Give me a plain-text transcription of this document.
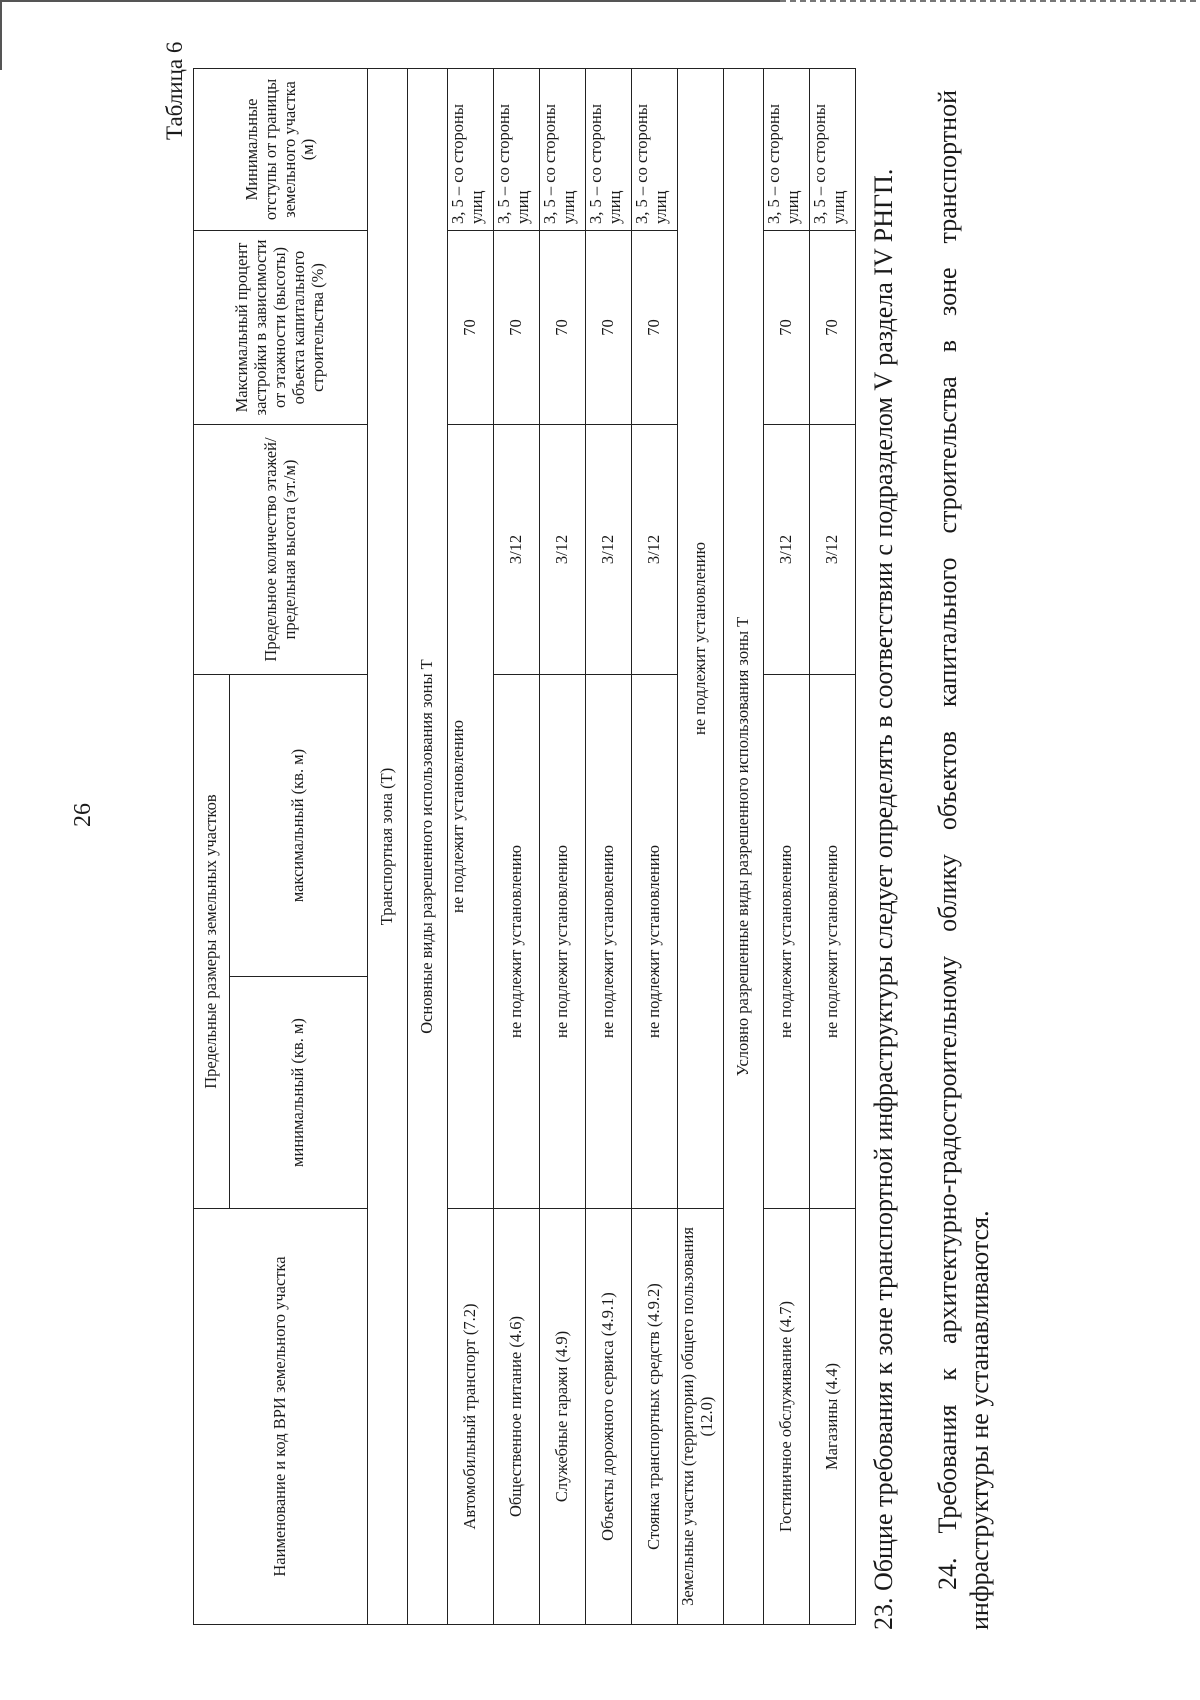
26
Таблица 6
Наименование и код ВРИ земельного участка	Предельные размеры земельных участков		Предельное количество этажей/предельная высота (эт./м)	Максимальный процент застройки в зависимости от этажности (высоты) объекта капитального строительства (%)	Минимальные отступы от границы земельного участка (м)
	минимальный (кв. м)	максимальный (кв. м)			
Транспортная зона (Т)					
Основные виды разрешенного использования зоны Т					
Автомобильный транспорт (7.2)	не подлежит установлению			70	3, 5 – со стороны улиц
Общественное питание (4.6)	не подлежит установлению		3/12	70	3, 5 – со стороны улиц
Служебные гаражи (4.9)	не подлежит установлению		3/12	70	3, 5 – со стороны улиц
Объекты дорожного сервиса (4.9.1)	не подлежит установлению		3/12	70	3, 5 – со стороны улиц
Стоянка транспортных средств (4.9.2)	не подлежит установлению		3/12	70	3, 5 – со стороны улиц
Земельные участки (территории) общего пользования (12.0)	не подлежит установлению				
Условно разрешенные виды разрешенного использования зоны Т					
Гостиничное обслуживание (4.7)	не подлежит установлению		3/12	70	3, 5 – со стороны улиц
Магазины (4.4)	не подлежит установлению		3/12	70	3, 5 – со стороны улиц 23. Общие требования к зоне транспортной инфраструктуры следует определять в соответствии с подразделом V раздела IV РНГП. 24. Требования к архитектурно-градостроительному облику объектов капитального строительства в зоне транспортной инфраструктуры не устанавливаются.
